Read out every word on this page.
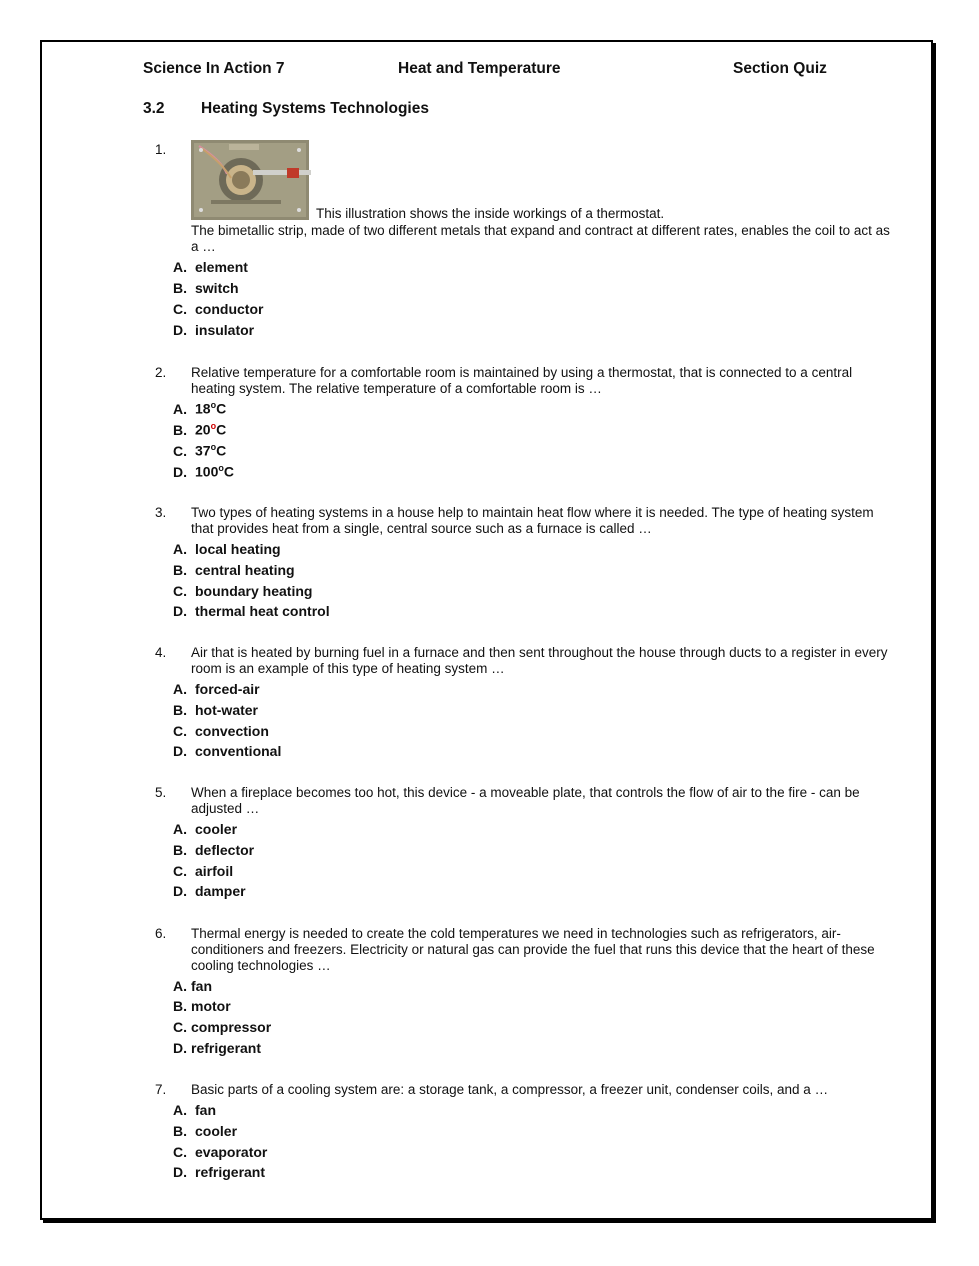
Science In Action 7	Heat and Temperature	Section Quiz
3.2 Heating Systems Technologies
1.
This illustration shows the inside workings of a thermostat.
The bimetallic strip, made of two different metals that expand and contract at different rates, enables the coil to act as a …
A. element
B. switch
C. conductor
D. insulator
2. Relative temperature for a comfortable room is maintained by using a thermostat, that is connected to a central heating system. The relative temperature of a comfortable room is …
A. 18$^o$C
B. 20$^o$C
C. 37$^o$C
D. 100$^o$C
3. Two types of heating systems in a house help to maintain heat flow where it is needed. The type of heating system that provides heat from a single, central source such as a furnace is called …
A. local heating
B. central heating
C. boundary heating
D. thermal heat control
4. Air that is heated by burning fuel in a furnace and then sent throughout the house through ducts to a register in every room is an example of this type of heating system …
A. forced-air
B. hot-water
C. convection
D. conventional
5. When a fireplace becomes too hot, this device - a moveable plate, that controls the flow of air to the fire - can be adjusted …
A. cooler
B. deflector
C. airfoil
D. damper
6. Thermal energy is needed to create the cold temperatures we need in technologies such as refrigerators, air-conditioners and freezers. Electricity or natural gas can provide the fuel that runs this device that the heart of these cooling technologies …
A. fan
B. motor
C. compressor
D. refrigerant
7. Basic parts of a cooling system are: a storage tank, a compressor, a freezer unit, condenser coils, and a …
A. fan
B. cooler
C. evaporator
D. refrigerant
